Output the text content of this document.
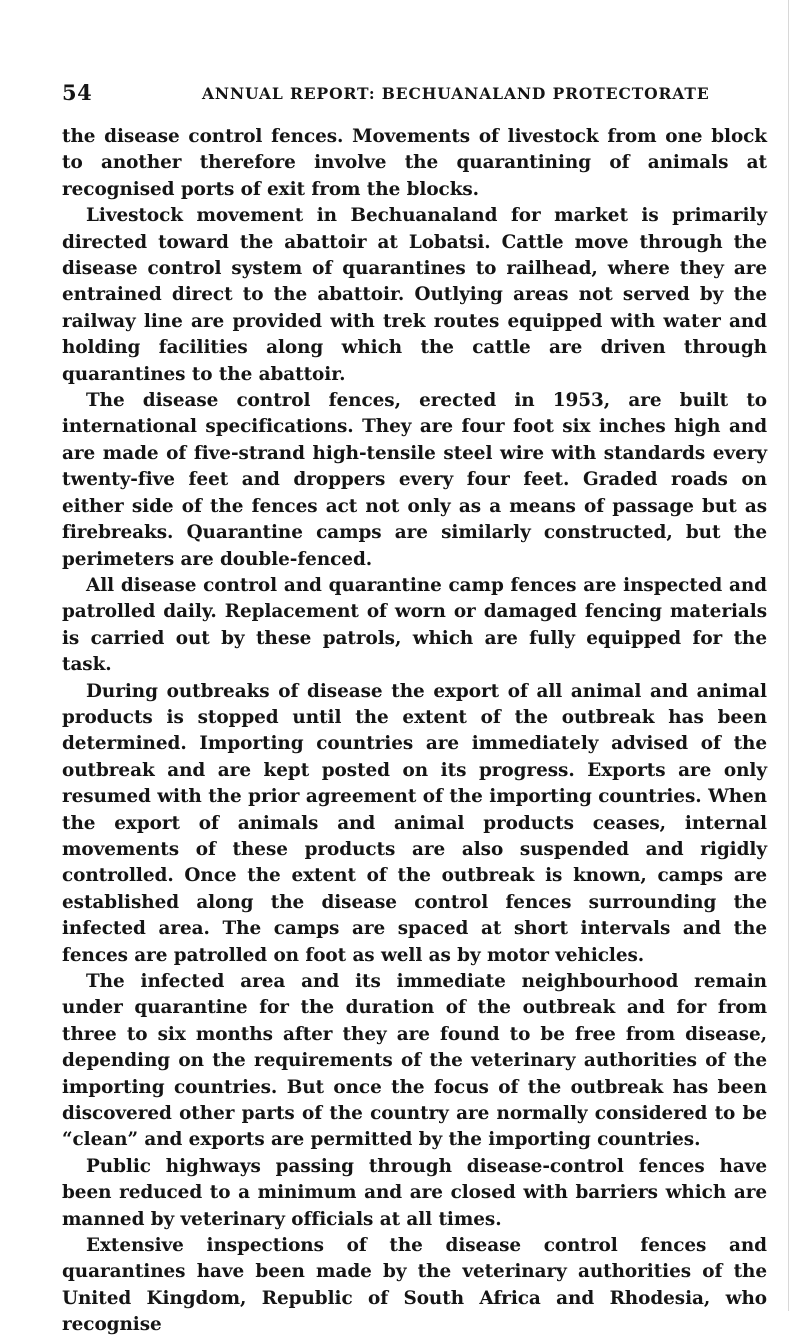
54	ANNUAL REPORT: BECHUANALAND PROTECTORATE

the disease control fences. Movements of livestock from one block to another therefore involve the quarantining of animals at recognised ports of exit from the blocks.

Livestock movement in Bechuanaland for market is primarily directed toward the abattoir at Lobatsi. Cattle move through the disease control system of quarantines to railhead, where they are entrained direct to the abattoir. Outlying areas not served by the railway line are provided with trek routes equipped with water and holding facilities along which the cattle are driven through quarantines to the abattoir.

The disease control fences, erected in 1953, are built to international specifications. They are four foot six inches high and are made of five-strand high-tensile steel wire with standards every twenty-five feet and droppers every four feet. Graded roads on either side of the fences act not only as a means of passage but as firebreaks. Quarantine camps are similarly constructed, but the perimeters are double-fenced.

All disease control and quarantine camp fences are inspected and patrolled daily. Replacement of worn or damaged fencing materials is carried out by these patrols, which are fully equipped for the task.

During outbreaks of disease the export of all animal and animal products is stopped until the extent of the outbreak has been determined. Importing countries are immediately advised of the outbreak and are kept posted on its progress. Exports are only resumed with the prior agreement of the importing countries. When the export of animals and animal products ceases, internal movements of these products are also suspended and rigidly controlled. Once the extent of the outbreak is known, camps are established along the disease control fences surrounding the infected area. The camps are spaced at short intervals and the fences are patrolled on foot as well as by motor vehicles.

The infected area and its immediate neighbourhood remain under quarantine for the duration of the outbreak and for from three to six months after they are found to be free from disease, depending on the requirements of the veterinary authorities of the importing countries. But once the focus of the outbreak has been discovered other parts of the country are normally considered to be “clean” and exports are permitted by the importing countries.

Public highways passing through disease-control fences have been reduced to a minimum and are closed with barriers which are manned by veterinary officials at all times.

Extensive inspections of the disease control fences and quarantines have been made by the veterinary authorities of the United Kingdom, Republic of South Africa and Rhodesia, who recognise
